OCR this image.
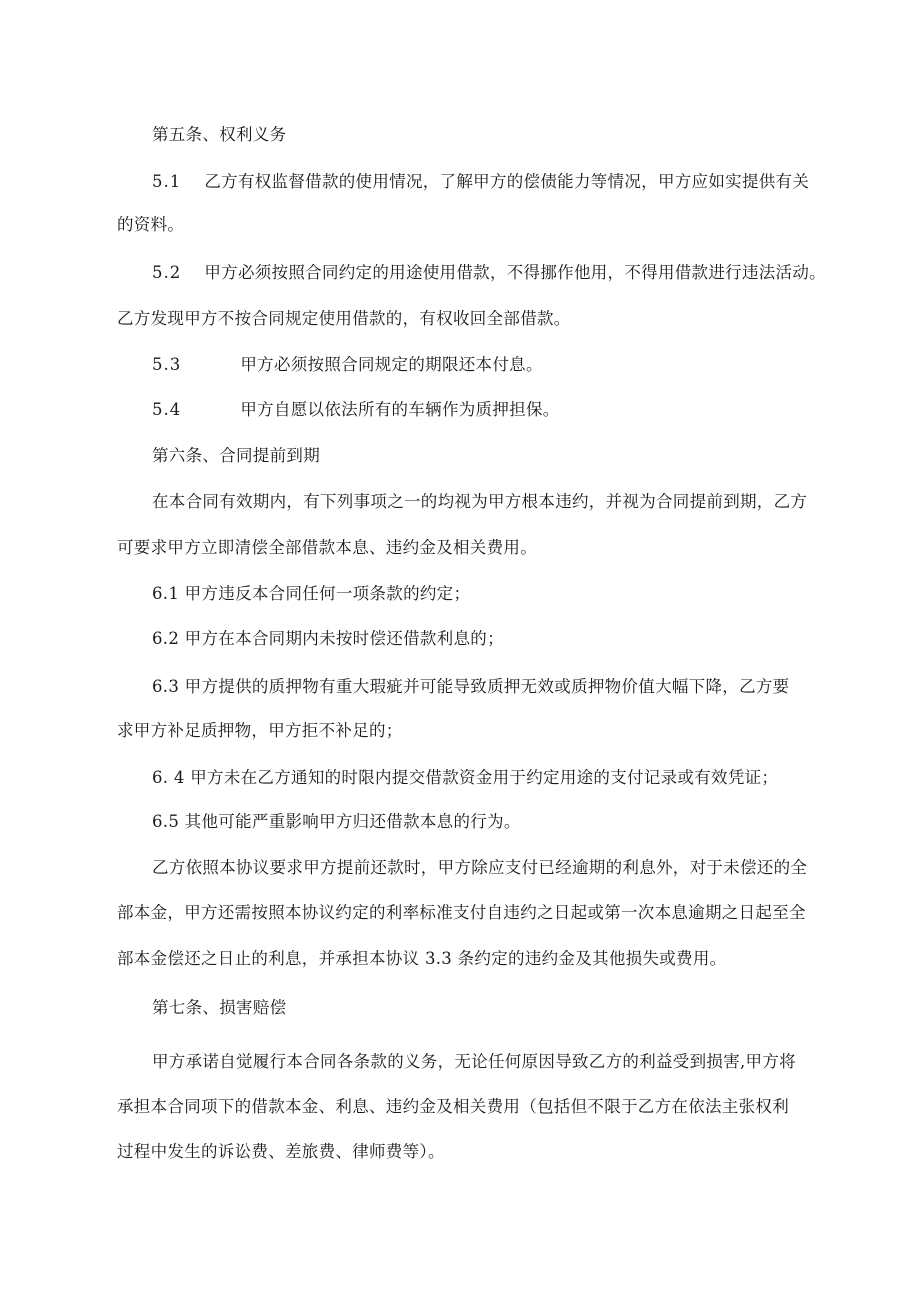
第五条、权利义务
5.1 乙方有权监督借款的使用情况，了解甲方的偿债能力等情况，甲方应如实提供有关
的资料。
5.2 甲方必须按照合同约定的用途使用借款，不得挪作他用，不得用借款进行违法活动。
乙方发现甲方不按合同规定使用借款的，有权收回全部借款。
5.3	甲方必须按照合同规定的期限还本付息。
5.4	甲方自愿以依法所有的车辆作为质押担保。
第六条、合同提前到期
在本合同有效期内，有下列事项之一的均视为甲方根本违约，并视为合同提前到期，乙方
可要求甲方立即清偿全部借款本息、违约金及相关费用。
6.1 甲方违反本合同任何一项条款的约定；
6.2 甲方在本合同期内未按时偿还借款利息的；
6.3 甲方提供的质押物有重大瑕疵并可能导致质押无效或质押物价值大幅下降，乙方要
求甲方补足质押物，甲方拒不补足的；
6. 4 甲方未在乙方通知的时限内提交借款资金用于约定用途的支付记录或有效凭证；
6.5 其他可能严重影响甲方归还借款本息的行为。
乙方依照本协议要求甲方提前还款时，甲方除应支付已经逾期的利息外，对于未偿还的全
部本金，甲方还需按照本协议约定的利率标准支付自违约之日起或第一次本息逾期之日起至全
部本金偿还之日止的利息，并承担本协议 3.3 条约定的违约金及其他损失或费用。
第七条、损害赔偿
甲方承诺自觉履行本合同各条款的义务，无论任何原因导致乙方的利益受到损害,甲方将
承担本合同项下的借款本金、利息、违约金及相关费用（包括但不限于乙方在依法主张权利
过程中发生的诉讼费、差旅费、律师费等）。
